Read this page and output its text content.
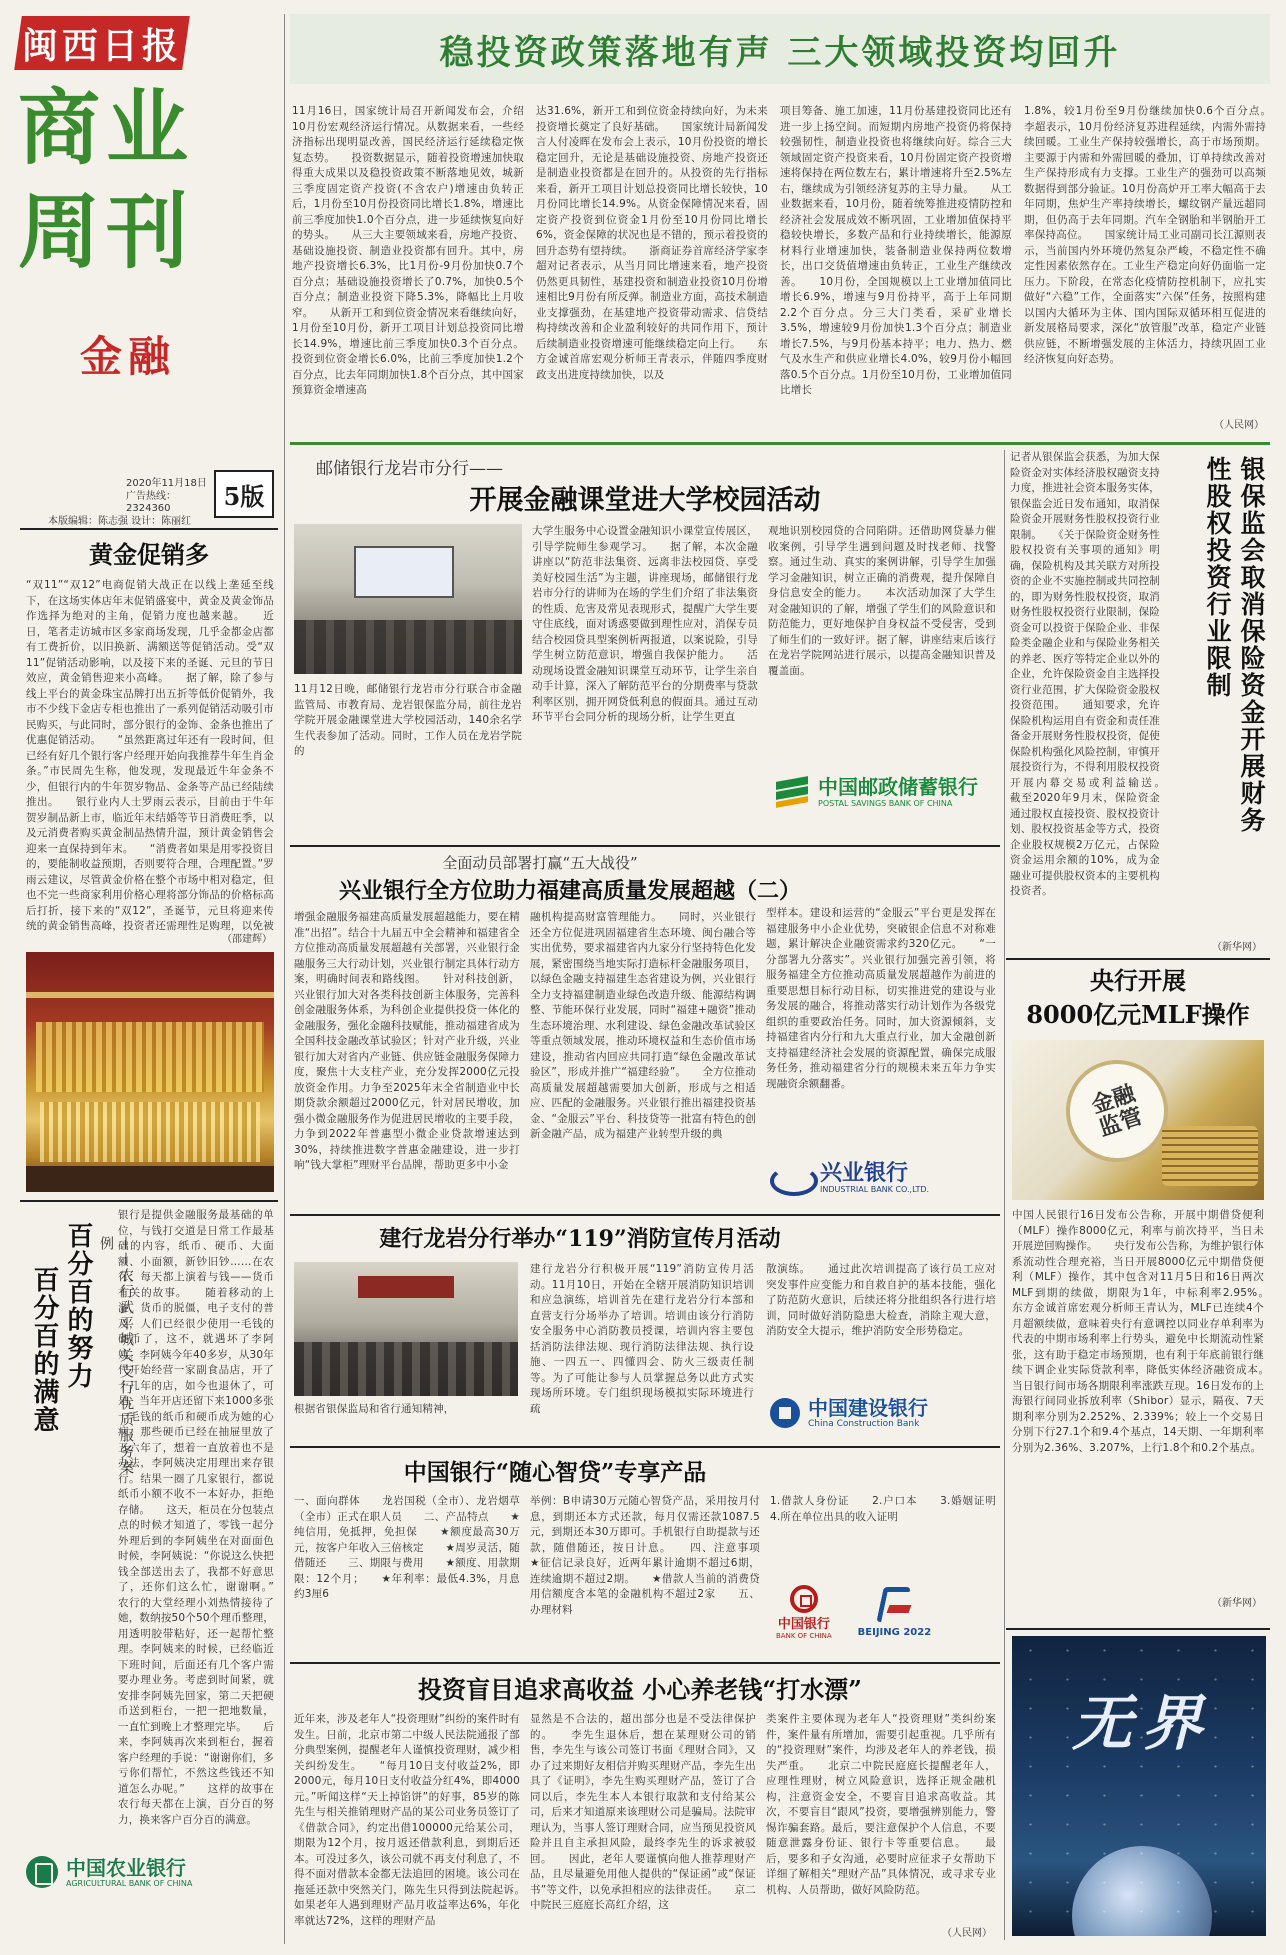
闽西日报
商业
周刊
金融
2020年11月18日
广告热线：2324360
本版编辑：陈志强 设计：陈丽红
5版
黄金促销多
“双11”“双12”电商促销大战正在以线上垄延至线下，在这场实体店年末促销盛宴中，黄金及黄金饰品作选择为绝对的主角，促销力度也越来越。　　近日，笔者走访城市区多家商场发现，几乎金都金店都有工费折价，以旧换新、满额送等促销活动。受“双11”促销活动影响，以及接下来的圣诞、元旦的节日效应，黄金销售迎来小高峰。　　据了解，除了参与线上平台的黄金珠宝品牌打出五折等低价促销外，我市不少线下金店专柜也推出了一系列促销活动吸引市民购买，与此同时，部分银行的金饰、金条也推出了优惠促销活动。　　“虽然距离过年还有一段时间，但已经有好几个银行客户经理开始向我推荐牛年生肖金条。”市民周先生称，他发现，发现最近牛年金条不少，但银行内的牛年贺岁物品、金条等产品已经陆续推出。　　银行业内人士罗雨云表示，目前由于牛年贺岁制品新上市，临近年末结婚等节日消费旺季，以及元消费者购买黄金制品热情升温，预计黄金销售会迎来一直保持到年末。　　“消费者如果是用零投资目的，要能制收益预期，否则要符合理，合理配置。”罗雨云建议，尽管黄金价格在整个市场中相对稳定，但也不完一些商家利用价格心理将部分饰品的价格标高后打折，接下来的“双12”，圣诞节，元旦将迎来传统的黄金销售高峰，投资者还需理性足购理，以免被
（邵建辉）
百分百的努力	——农行武平城关支行优质服务案例
百分百的满意
银行是提供金融服务最基础的单位，与钱打交道是日常工作最基础的内容，纸币、硬币、大面额、小面额，新钞旧钞……在农行，每天都上演着与钱——货币有关的故事。　　随着移动的上游，货币的脱僵，电子支付的普及，人们已经很少使用一毛钱的硬币了，这不，就遇坏了李阿姨。李阿姨今年40多岁，从30年代开始经营一家副食品店，开了十几年的店，如今也退休了，可是，当年开店还留下来1000多张一毛钱的纸币和硬币成为她的心病。那些硬币已经在抽屉里放了五六年了，想着一直放着也不是办法，李阿姨决定用理出来存银行。结果一圈了几家银行，都说纸币小额不收不一本好办，拒绝存储。　　这天，柜员在分包装点点的时候才知道了，零钱一起分外理后到的李阿姨坐在对面面色时候，李阿姨说：“你说这么快把钱全部送出去了，我都不好意思了，还你们这么忙，谢谢啊。”　　农行的大堂经理小刘热情接待了她，数纳按50个50个理币整理，用透明胶带粘好，还一起帮忙整理。李阿姨来的时候，已经临近下班时间，后面还有几个客户需要办理业务。考虑到时间紧，就安排李阿姨先回家，第二天把硬币送到柜台，一把一把地数量，一直忙到晚上才整理完毕。　　后来，李阿姨再次来到柜台，握着客户经理的手说：“谢谢你们，多亏你们帮忙，不然这些钱还不知道怎么办呢。”　　这样的故事在农行每天都在上演，百分百的努力，换来客户百分百的满意。
中国农业银行
AGRICULTURAL BANK OF CHINA
稳投资政策落地有声 三大领域投资均回升
11月16日，国家统计局召开新闻发布会，介绍10月份宏观经济运行情况。从数据来看，一些经济指标出现明显改善，国民经济运行延续稳定恢复态势。　　投资数据显示，随着投资增速加快取得重大成果以及稳投资政策不断落地见效，城新三季度固定资产投资(不含农户)增速由负转正后，1月份至10月份投资同比增长1.8%，增速比前三季度加快1.0个百分点，进一步延续恢复向好的势头。　　从三大主要领域来看，房地产投资、基础设施投资、制造业投资都有回升。其中，房地产投资增长6.3%，比1月份-9月份加快0.7个百分点；基础设施投资增长了0.7%，加快0.5个百分点；制造业投资下降5.3%，降幅比上月收窄。　　从新开工和到位资金情况来看继续向好，1月份至10月份，新开工项目计划总投资同比增长14.9%，增速比前三季度加快0.3个百分点。投资到位资金增长6.0%，比前三季度加快1.2个百分点，比去年同期加快1.8个百分点，其中国家预算资金增速高
达31.6%，新开工和到位资金持续向好，为未来投资增长奠定了良好基础。　　国家统计局新闻发言人付凌晖在发布会上表示，10月份投资的增长稳定回升，无论是基础设施投资、房地产投资还是制造业投资都是在回升的。从投资的先行指标来看，新开工项目计划总投资同比增长较快，10月份同比增长14.9%。从资金保障情况来看，固定资产投资到位资金1月份至10月份同比增长6%，资金保障的状况也是不错的，预示着投资的回升态势有望持续。　　浙商证券首席经济学家李超对记者表示，从当月同比增速来看，地产投资仍然更具韧性，基建投资和制造业投资10月份增速相比9月份有所反弹。制造业方面，高技术制造业支撑强劲，在基建地产投资带动需求、信贷结构持续改善和企业盈利较好的共同作用下，预计后续制造业投资增速可能继续稳定向上行。　　东方金诚首席宏观分析师王青表示，伴随四季度财政支出进度持续加快，以及
项目筹备、施工加速，11月份基建投资同比还有进一步上扬空间。而短期内房地产投资仍将保持较强韧性，制造业投资也将继续向好。综合三大领域固定资产投资来看，10月份固定资产投资增速将保持在两位数左右，累计增速将升至2.5%左右，继续成为引领经济复苏的主导力量。　　从工业数据来看，10月份，随着统筹推进疫情防控和经济社会发展成效不断巩固，工业增加值保持平稳较快增长，多数产品和行业持续增长，能源原材料行业增速加快，装备制造业保持两位数增长，出口交货值增速由负转正，工业生产继续改善。　　10月份，全国规模以上工业增加值同比增长6.9%，增速与9月份持平，高于上年同期2.2个百分点。分三大门类看，采矿业增长3.5%，增速较9月份加快1.3个百分点；制造业增长7.5%，与9月份基本持平；电力、热力、燃气及水生产和供应业增长4.0%，较9月份小幅回落0.5个百分点。1月份至10月份，工业增加值同比增长
1.8%，较1月份至9月份继续加快0.6个百分点。　　李超表示，10月份经济复苏进程延续，内需外需持续回暖。工业生产保持较强增长，高于市场预期。主要源于内需和外需回暖的叠加，订单持续改善对生产保持形成有力支撑。工业生产的强劲可以高频数据得到部分验证。10月份高炉开工率大幅高于去年同期，焦炉生产率持续增长，螺纹钢产量远超同期，但仍高于去年同期。汽车全钢胎和半钢胎开工率保持高位。　　国家统计局工业司副司长江源则表示，当前国内外环境仍然复杂严峻，不稳定性不确定性因素依然存在。工业生产稳定向好仍面临一定压力。下阶段，在常态化疫情防控机制下，应扎实做好“六稳”工作，全面落实“六保”任务，按照构建以国内大循环为主体、国内国际双循环相互促进的新发展格局要求，深化“放管服”改革，稳定产业链供应链，不断增强发展的主体活力，持续巩固工业经济恢复向好态势。
（人民网）
邮储银行龙岩市分行——
开展金融课堂进大学校园活动
11月12日晚，邮储银行龙岩市分行联合市金融监管局、市教育局、龙岩银保监分局，前往龙岩学院开展金融课堂进大学校园活动，140余名学生代表参加了活动。同时，工作人员在龙岩学院的
大学生服务中心设置金融知识小课堂宣传展区，引导学院师生参观学习。　　据了解，本次金融讲座以“防范非法集资、远离非法校园贷、享受美好校园生活”为主题，讲座现场，邮储银行龙岩市分行的讲师为在场的学生们介绍了非法集资的性质、危害及常见表现形式，提醒广大学生要守住底线，面对诱惑要做到理性应对，消保专员结合校园贷具型案例析两报道，以案说险，引导学生树立防范意识，增强自我保护能力。　　活动现场设置金融知识课堂互动环节，让学生亲自动手计算，深入了解防范平台的分期费率与贷款利率区别，拥开网贷低利息的假面具。通过互动环节平台会同分析的现场分析，让学生更直
观地识别校园贷的合同陷阱。还借助网贷暴力催收案例，引导学生遇到问题及时找老师、找警察。通过生动、真实的案例讲解，引导学生加强学习金融知识，树立正确的消费观，提升保障自身信息安全的能力。　　本次活动加深了大学生对金融知识的了解，增强了学生们的风险意识和防范能力，更好地保护自身权益不受侵害，受到了师生们的一致好评。据了解，讲座结束后该行在龙岩学院网站进行展示，以提高金融知识普及覆盖面。
中国邮政储蓄银行
POSTAL SAVINGS BANK OF CHINA
记者从银保监会获悉，为加大保险资金对实体经济股权融资支持力度，推进社会资本服务实体，银保监会近日发布通知，取消保险资金开展财务性股权投资行业限制。　　《关于保险资金财务性股权投资有关事项的通知》明确，保险机构及其关联方对所投资的企业不实施控制或共同控制的，即为财务性股权投资，取消财务性股权投资行业限制，保险资金可以投资于保险企业、非保险类金融企业和与保险业务相关的养老、医疗等特定企业以外的企业，允许保险资金自主选择投资行业范围，扩大保险资金股权投资范围。　　通知要求，允许保险机构运用自有资金和责任准备金开展财务性股权投资，促使保险机构强化风险控制，审慎开展投资行为，不得利用股权投资开展内幕交易或利益输送。　　截至2020年9月末，保险资金通过股权直接投资、股权投资计划、股权投资基金等方式，投资企业股权规模2万亿元，占保险资金运用余额的10%，成为金融业可提供股权资本的主要机构投资者。
银保监会取消保险资金开展财务性股权投资行业限制
（新华网）
央行开展
8000亿元MLF操作
金融监管
中国人民银行16日发布公告称，开展中期借贷便利（MLF）操作8000亿元，利率与前次持平，当日未开展逆回购操作。　　央行发布公告称，为维护银行体系流动性合理充裕，当日开展8000亿元中期借贷便利（MLF）操作，其中包含对11月5日和16日两次MLF到期的续做，期限为1年，中标利率2.95%。　　东方金诚首席宏观分析师王青认为，MLF已连续4个月超额续做，意味着央行有意调控以同业存单利率为代表的中期市场利率上行势头，避免中长期流动性紧张，这有助于稳定市场预期，也有利于年底前银行继续下调企业实际贷款利率，降低实体经济融资成本。　　当日银行间市场各期限利率涨跌互现。16日发布的上海银行间同业拆放利率（Shibor）显示，隔夜、7天期利率分别为2.252%、2.339%；较上一个交易日分别下行27.1个和9.4个基点，14天期、一年期利率分别为2.36%、3.207%，上行1.8个和0.2个基点。
（新华网）
无界
全面动员部署打赢“五大战役”
兴业银行全方位助力福建高质量发展超越（二）
增强金融服务福建高质量发展超越能力，要在精准“出招”。结合十九届五中全会精神和福建省全方位推动高质量发展超越有关部署，兴业银行金融服务三大行动计划，兴业银行制定具体行动方案，明确时间表和路线图。　　针对科技创新，兴业银行加大对各类科技创新主体服务，完善科创金融服务体系，为科创企业提供投贷一体化的金融服务，强化金融科技赋能，推动福建省成为全国科技金融改革试验区；针对产业升级，兴业银行加大对省内产业链、供应链金融服务保障力度，聚焦十大支柱产业，充分发挥2000亿元投放资金作用。力争至2025年末全省制造业中长期贷款余额超过2000亿元，针对居民增收，加强小微金融服务作为促进居民增收的主要手段，力争到2022年普惠型小微企业贷款增速达到30%，持续推进数字普惠金融建设，进一步打响“钱大掌柜”理财平台品牌，帮助更多中小金
融机构提高财富管理能力。　　同时，兴业银行还全方位促进巩固福建省生态环境、闽台融合等实出优势，要求福建省内九家分行坚持特色化发展，紧密围绕当地实际打造标杆金融服务项目，以绿色金融支持福建生态省建设为例，兴业银行全力支持福建制造业绿色改造升级、能源结构调整、节能环保行业发展，同时“福建+融资”推动生态环境治理、水利建设、绿色金融改革试验区等重点领域发展，推动环境权益和生态价值市场建设，推动省内回应共同打造“绿色金融改革试验区”，形成并推广“福建经验”。　　全方位推动高质量发展超越需要加大创新，形成与之相适应、匹配的金融服务。兴业银行推出福建投资基金、“金服云”平台、科技贷等一批富有特色的创新金融产品，成为福建产业转型升级的典
型样本。建设和运营的“金服云”平台更是发挥在福建服务中小企业优势，突破银企信息不对称难题，累计解决企业融资需求约320亿元。　　“一分部署九分落实”。兴业银行加强完善引领，将服务福建全方位推动高质量发展超越作为前进的重要思想目标行动目标，切实推进党的建设与业务发展的融合，将推动落实行动计划作为各级党组织的重要政治任务。同时，加大资源倾斜，支持福建省内分行和九大重点行业，加大金融创新支持福建经济社会发展的资源配置，确保完成服务任务，推动福建省分行的规模未来五年力争实现融资余额翻番。
兴业银行
INDUSTRIAL BANK CO.,LTD.
建行龙岩分行举办“119”消防宣传月活动
根据省银保监局和省行通知精神，
建行龙岩分行积极开展“119”消防宣传月活动。11月10日，开始在全辖开展消防知识培训和应急演练，培训首先在建行龙岩分行本部和直营支行分场举办了培训。培训由该分行消防安全服务中心消防教员授课，培训内容主要包括消防法律法规、现行消防法律法规、执行设施、一四五一、四懂四会、防火三级责任制等。为了可能让参与人员掌握总务以此方式实现场所环境。专门组织现场模拟实际环境进行疏
散演练。　　通过此次培训提高了该行员工应对突发事件应变能力和自救自护的基本技能，强化了防范防火意识，后续还将分批组织各行进行培训，同时做好消防隐患大检查，消除主观大意，消防安全大提示，维护消防安全形势稳定。
中国建设银行
China Construction Bank
中国银行“随心智贷”专享产品
一、面向群体　　龙岩国税（全市）、龙岩烟草（全市）正式在职人员　　二、产品特点　　★纯信用，免抵押，免担保　　★额度最高30万元，按客户年收入三倍核定　　★周岁灵活，随借随还　　三、期限与费用　　★额度、用款期限：12个月；　　★年利率：最低4.3%，月息约3厘6
举例：B申请30万元随心智贷产品，采用按月付息，到期还本方式还款，每月仅需还款1087.5元，到期还本30万即可。手机银行自助提款与还款，随借随还，按日计息。　　四、注意事项　　★征信记录良好，近两年累计逾期不超过6期，连续逾期不超过2期。　　★借款人当前的消费贷用信额度含本笔的金融机构不超过2家　　五、办理材料
1.借款人身份证　　2.户口本　　3.婚姻证明　　4.所在单位出具的收入证明
中国银行
BANK OF CHINA	BEIJING 2022
投资盲目追求高收益 小心养老钱“打水漂”
近年来，涉及老年人“投资理财”纠纷的案件时有发生。日前，北京市第二中级人民法院通报了部分典型案例，提醒老年人谨慎投资理财，减少相关纠纷发生。　　“每月10日支付收益2%，即2000元，每月10日支付收益分红4%，即4000元。”听闻这样“天上掉馅饼”的好事，85岁的陈先生与相关推销理财产品的某公司业务员签订了《借款合同》，约定出借100000元给某公司，期限为12个月，按月返还借款利息，到期后还本。可没过多久，该公司就不再支付利息了，不得不面对借款本金都无法追回的困境。该公司在拖延还款中突然关门，陈先生只得到法院起诉。　　如果老年人遇到理财产品月收益率达6%，年化率就达72%，这样的理财产品
显然是不合法的，超出部分也是不受法律保护的。　　李先生退休后，想在某理财公司的销售，李先生与该公司签订书面《理财合同》，又办了过来期好友相信并购买理财产品，李先生出具了《证明》，李先生购买理财产品，签订了合同以后，李先生本人本银行取款和支付给某公司，后来才知道原来该理财公司是骗局。法院审理认为，当事人签订理财合同，应当预见投资风险并且自主承担风险，最终李先生的诉求被驳回。　　因此，老年人要谨慎向他人推荐理财产品，且尽量避免用他人提供的“保证函”或“保证书”等文件，以免承担相应的法律责任。　　京二中院民三庭庭长高红介绍，这
类案件主要体现为老年人“投资理财”类纠纷案件，案件量有所增加，需要引起重视。几乎所有的“投资理财”案件，均涉及老年人的养老钱，损失严重。　　北京二中院民庭庭长提醒老年人，应理性理财，树立风险意识，选择正规金融机构，注意资金安全，不要盲目追求高收益。其次，不要盲目“跟风”投资，要增强辨别能力，警惕诈骗套路。最后，要注意保护个人信息，不要随意泄露身份证、银行卡等重要信息。　　最后，要多和子女沟通，必要时应征求子女帮助下详细了解相关“理财产品”具体情况，或寻求专业机构、人员帮助，做好风险防范。
（人民网）
